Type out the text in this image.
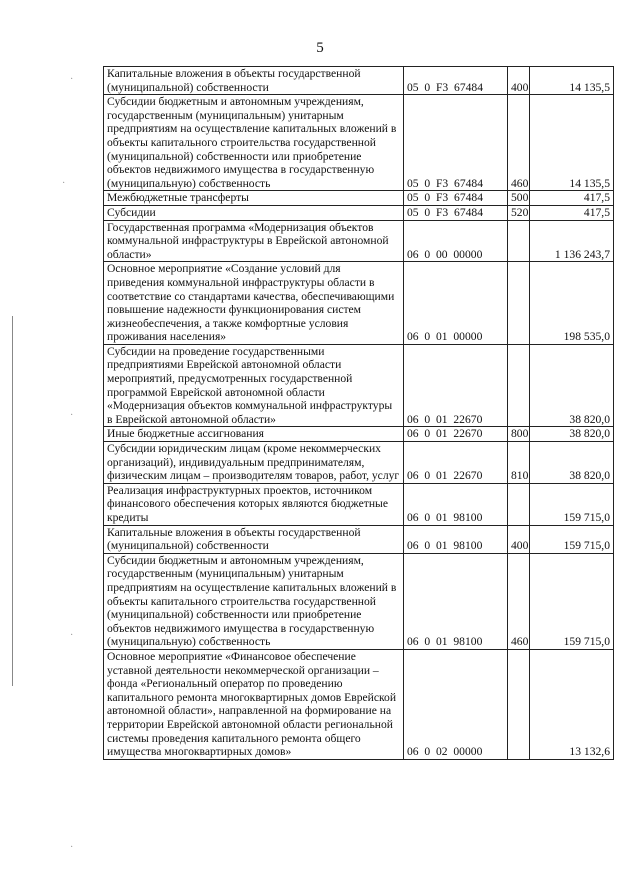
5
·
·
·
·
·
Капитальные вложения в объекты государственной (муниципальной) собственности	05  0  F3  67484	400	14 135,5
Субсидии бюджетным и автономным учреждениям, государственным (муниципальным) унитарным предприятиям на осуществление капитальных вложений в объекты капитального строительства государственной (муниципальной) собственности или приобретение объектов недвижимого имущества в государственную (муниципальную) собственность	05  0  F3  67484	460	14 135,5
Межбюджетные трансферты	05  0  F3  67484	500	417,5
Субсидии	05  0  F3  67484	520	417,5
Государственная программа «Модернизация объектов коммунальной инфраструктуры в Еврейской автономной области»	06  0  00  00000		1 136 243,7
Основное мероприятие «Создание условий для приведения коммунальной инфраструктуры области в соответствие со стандартами качества, обеспечивающими повышение надежности функционирования систем жизнеобеспечения, а также комфортные условия проживания населения»	06  0  01  00000		198 535,0
Субсидии на проведение государственными предприятиями Еврейской автономной области мероприятий, предусмотренных государственной программой Еврейской автономной области «Модернизация объектов коммунальной инфраструктуры в Еврейской автономной области»	06  0  01  22670		38 820,0
Иные бюджетные ассигнования	06  0  01  22670	800	38 820,0
Субсидии юридическим лицам (кроме некоммерческих организаций), индивидуальным предпринимателям, физическим лицам – производителям товаров, работ, услуг	06  0  01  22670	810	38 820,0
Реализация инфраструктурных проектов, источником финансового обеспечения которых являются бюджетные кредиты	06  0  01  98100		159 715,0
Капитальные вложения в объекты государственной (муниципальной) собственности	06  0  01  98100	400	159 715,0
Субсидии бюджетным и автономным учреждениям, государственным (муниципальным) унитарным предприятиям на осуществление капитальных вложений в объекты капитального строительства государственной (муниципальной) собственности или приобретение объектов недвижимого имущества в государственную (муниципальную) собственность	06  0  01  98100	460	159 715,0
Основное мероприятие «Финансовое обеспечение уставной деятельности некоммерческой организации – фонда «Региональный оператор по проведению капитального ремонта многоквартирных домов Еврейской автономной области», направленной на формирование на территории Еврейской автономной области региональной системы проведения капитального ремонта общего имущества многоквартирных домов»	06  0  02  00000		13 132,6
